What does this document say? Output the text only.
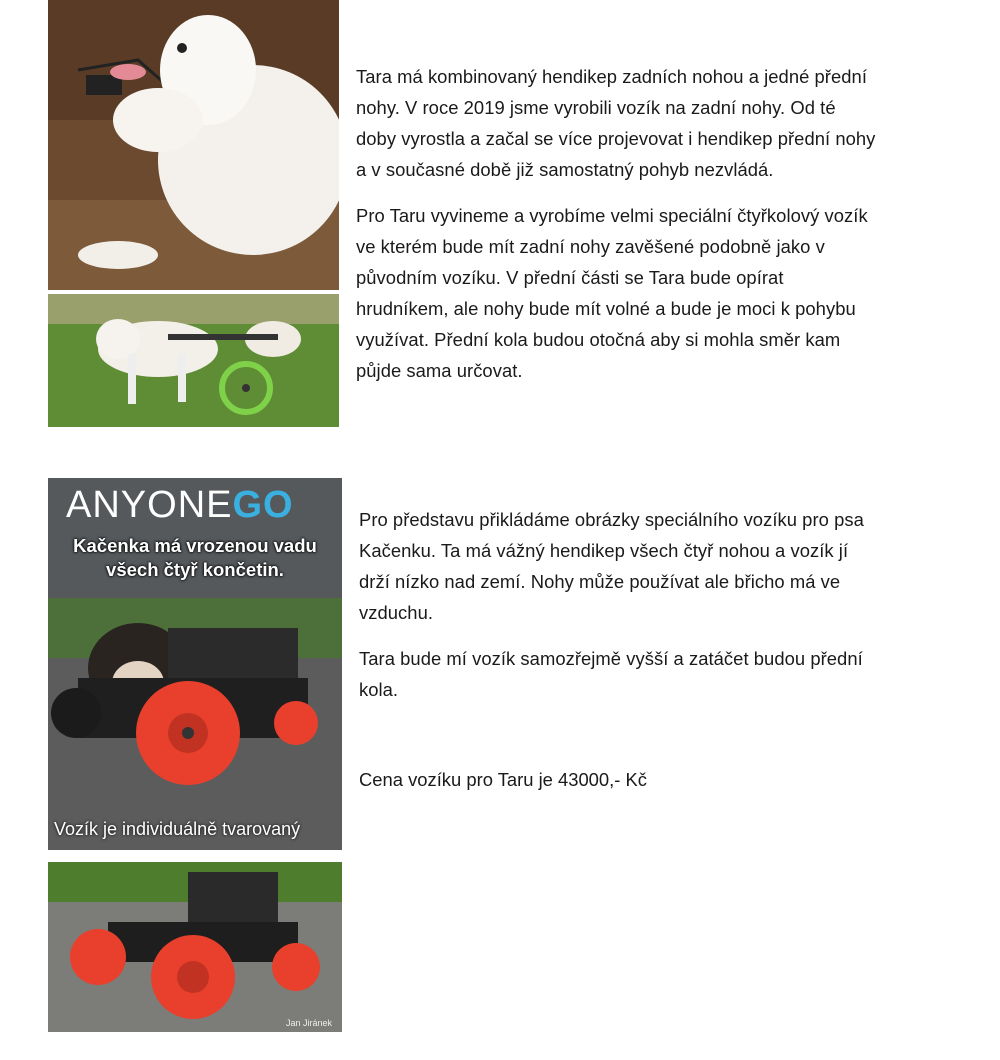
Tara má kombinovaný hendikep zadních nohou a jedné přední nohy. V roce 2019 jsme vyrobili vozík na zadní nohy. Od té doby vyrostla a začal se více projevovat i hendikep přední nohy a v současné době již samostatný pohyb nezvládá.

Pro Taru vyvineme a vyrobíme velmi speciální čtyřkolový vozík ve kterém bude mít zadní nohy zavěšené podobně jako v původním vozíku. V přední části se Tara bude opírat hrudníkem, ale nohy bude mít volné a bude je moci k pohybu využívat. Přední kola budou otočná aby si mohla směr kam půjde sama určovat.

ANYONEGO
Kačenka má vrozenou vadu
všech čtyř končetin.
Vozík je individuálně tvarovaný

Pro představu přikládáme obrázky speciálního vozíku pro psa Kačenku. Ta má vážný hendikep všech čtyř nohou a vozík jí drží nízko nad zemí. Nohy může používat ale břicho má ve vzduchu.

Tara bude mí vozík samozřejmě vyšší a zatáčet budou přední kola.

Cena vozíku pro Taru je 43000,- Kč
Jan Jiránek
